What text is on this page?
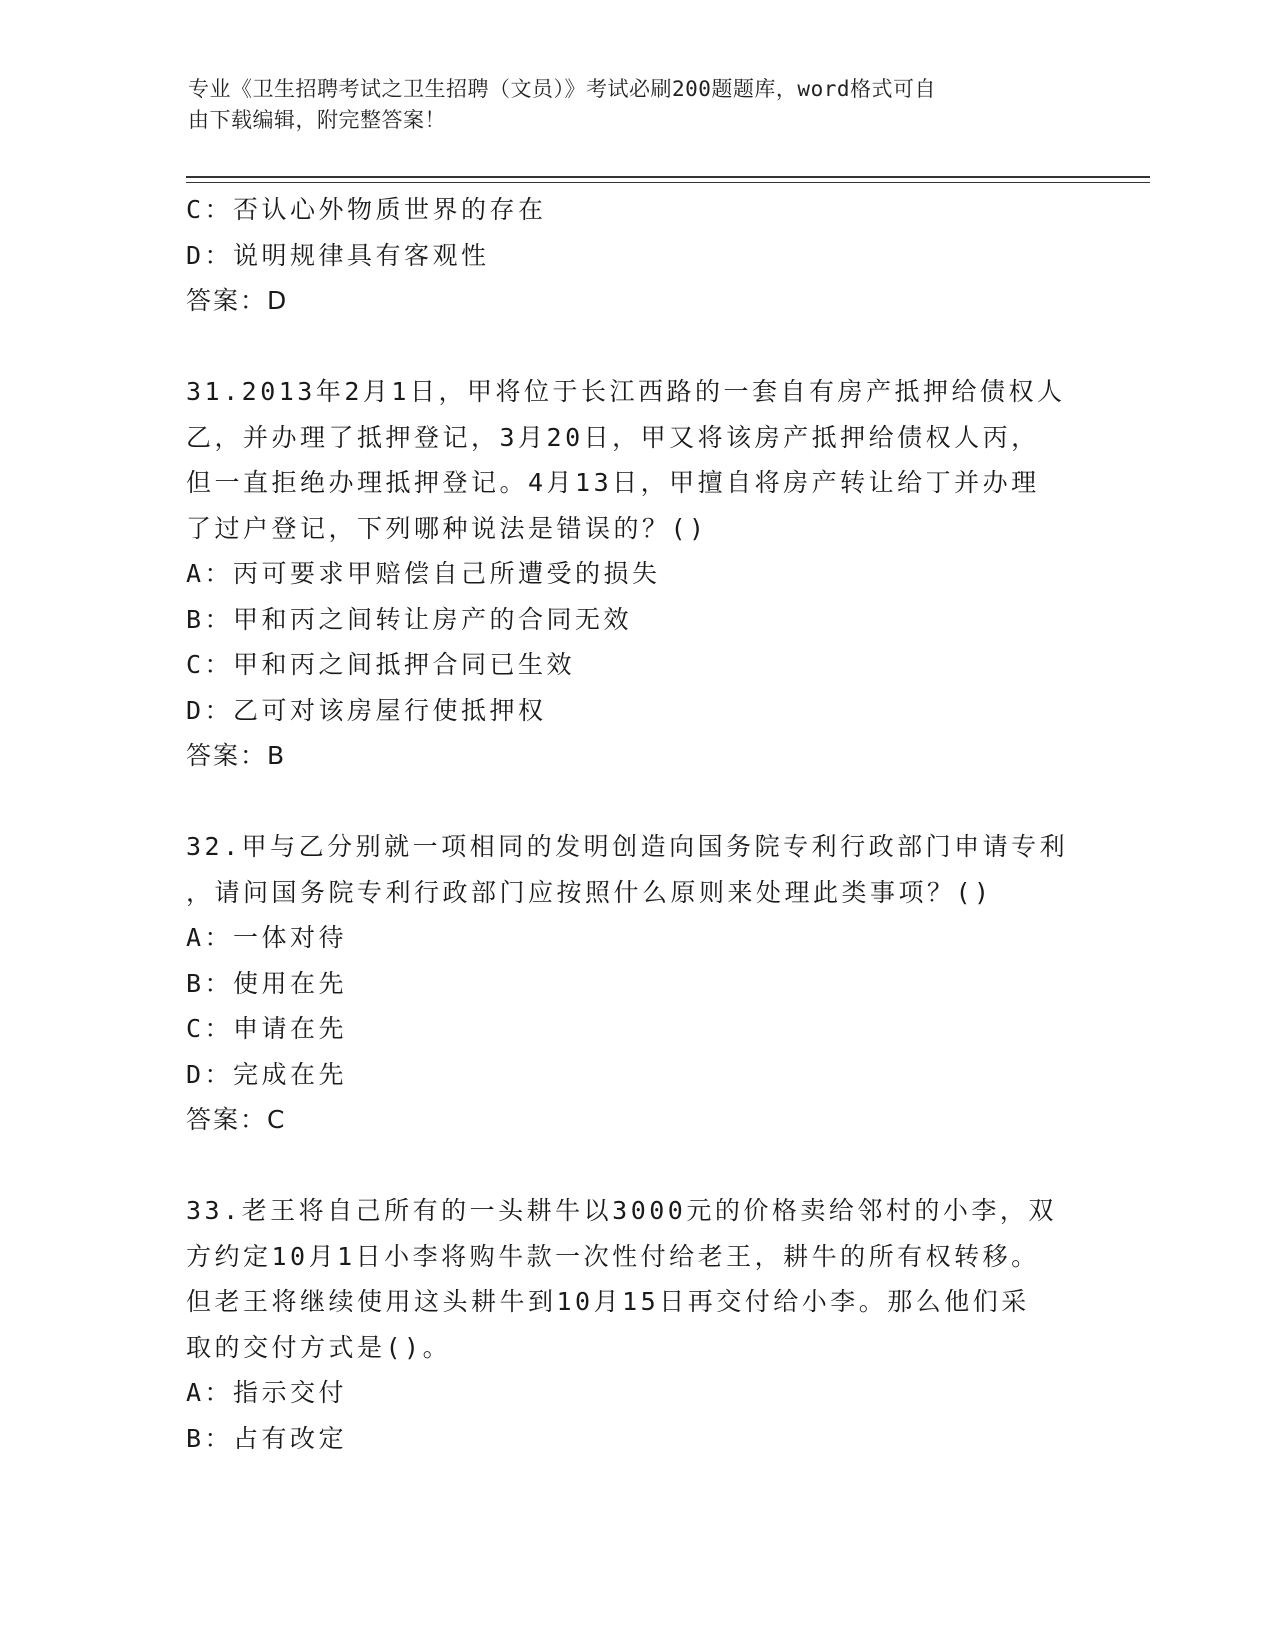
专业《卫生招聘考试之卫生招聘（文员）》考试必刷200题题库，word格式可自
由下载编辑，附完整答案！
C：否认心外物质世界的存在
D：说明规律具有客观性
答案：D
31.2013年2月1日，甲将位于长江西路的一套自有房产抵押给债权人
乙，并办理了抵押登记，3月20日，甲又将该房产抵押给债权人丙，
但一直拒绝办理抵押登记。4月13日，甲擅自将房产转让给丁并办理
了过户登记，下列哪种说法是错误的？()
A：丙可要求甲赔偿自己所遭受的损失
B：甲和丙之间转让房产的合同无效
C：甲和丙之间抵押合同已生效
D：乙可对该房屋行使抵押权
答案：B
32.甲与乙分别就一项相同的发明创造向国务院专利行政部门申请专利
，请问国务院专利行政部门应按照什么原则来处理此类事项？()
A：一体对待
B：使用在先
C：申请在先
D：完成在先
答案：C
33.老王将自己所有的一头耕牛以3000元的价格卖给邻村的小李，双
方约定10月1日小李将购牛款一次性付给老王，耕牛的所有权转移。
但老王将继续使用这头耕牛到10月15日再交付给小李。那么他们采
取的交付方式是()。
A：指示交付
B：占有改定
